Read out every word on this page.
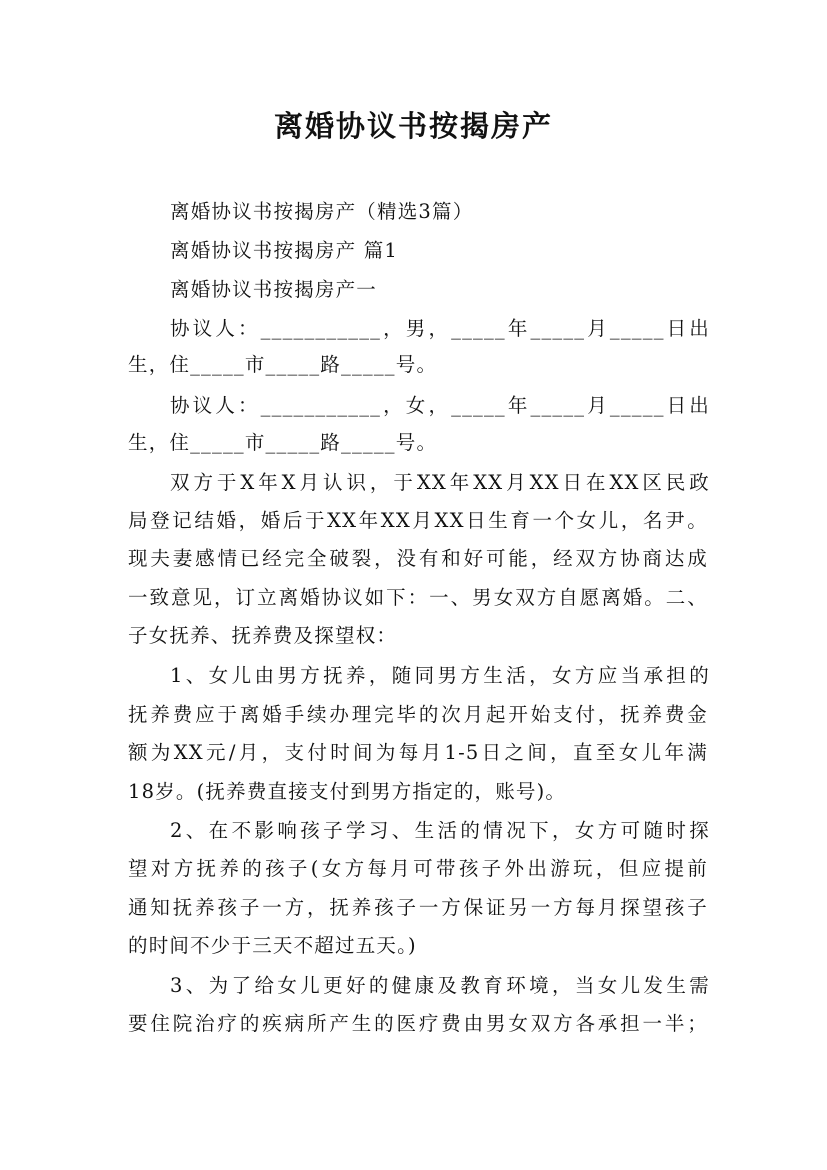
离婚协议书按揭房产

离婚协议书按揭房产（精选3篇）

离婚协议书按揭房产 篇1

离婚协议书按揭房产一

协议人：___________，男，_____年_____月_____日出

生，住_____市_____路_____号。

协议人：___________，女，_____年_____月_____日出

生，住_____市_____路_____号。

双方于X年X月认识，于XX年XX月XX日在XX区民政

局登记结婚，婚后于XX年XX月XX日生育一个女儿，名尹。

现夫妻感情已经完全破裂，没有和好可能，经双方协商达成

一致意见，订立离婚协议如下：一、男女双方自愿离婚。二、

子女抚养、抚养费及探望权：

1、女儿由男方抚养，随同男方生活，女方应当承担的

抚养费应于离婚手续办理完毕的次月起开始支付，抚养费金

额为XX元/月，支付时间为每月1-5日之间，直至女儿年满

18岁。(抚养费直接支付到男方指定的，账号)。

2、在不影响孩子学习、生活的情况下，女方可随时探

望对方抚养的孩子(女方每月可带孩子外出游玩，但应提前

通知抚养孩子一方，抚养孩子一方保证另一方每月探望孩子

的时间不少于三天不超过五天。)

3、为了给女儿更好的健康及教育环境，当女儿发生需

要住院治疗的疾病所产生的医疗费由男女双方各承担一半；
